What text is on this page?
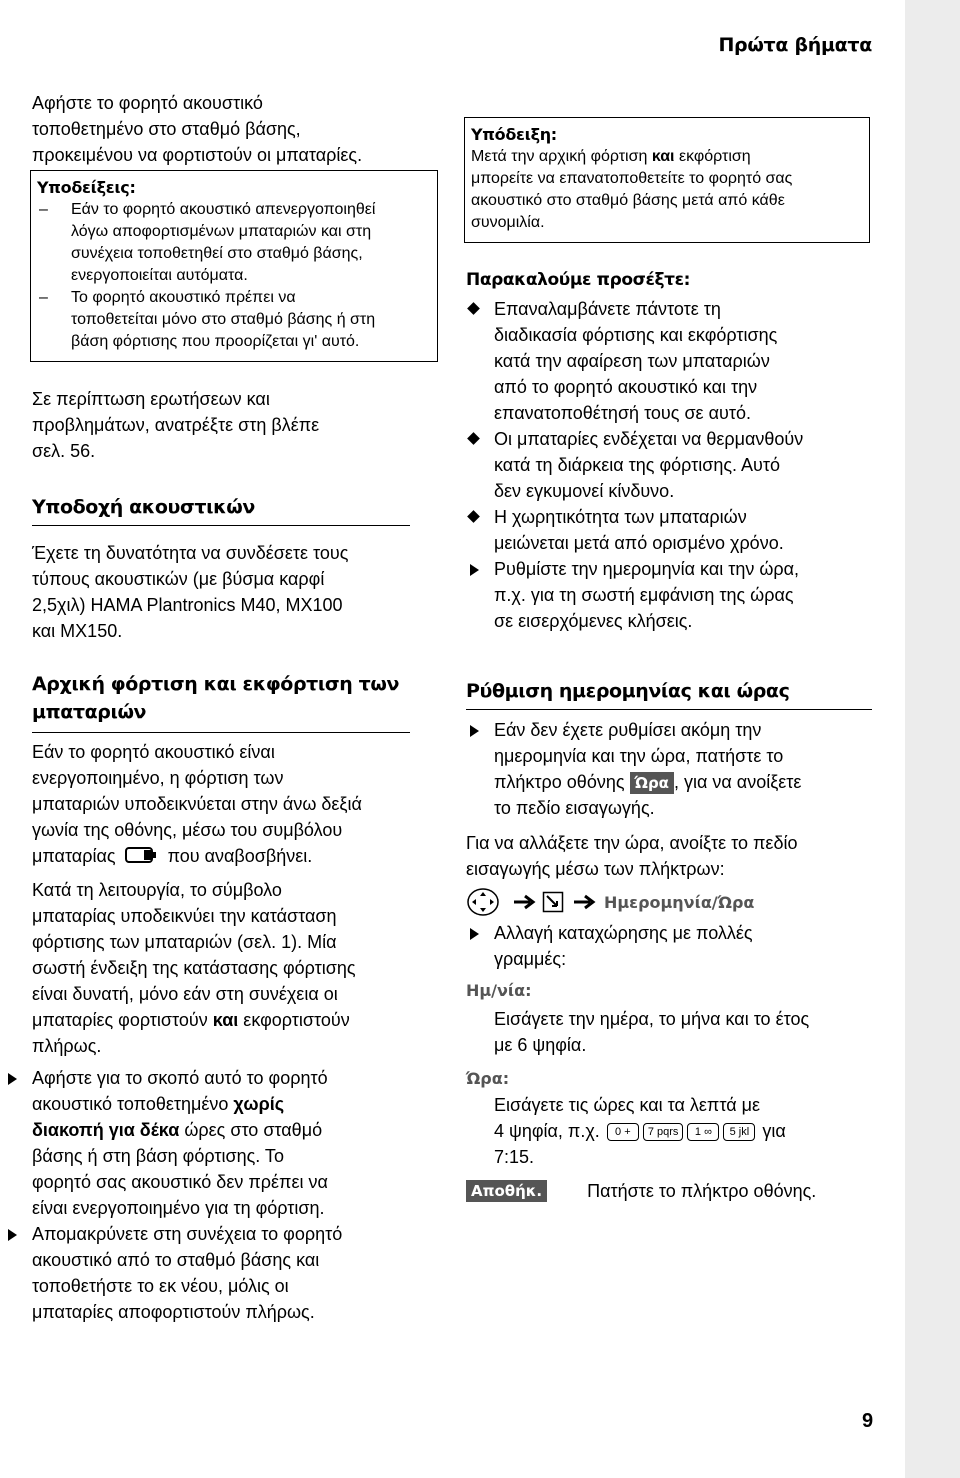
Πρώτα βήματα
Αφήστε το φορητό ακουστικό
τοποθετημένο στο σταθμό βάσης,
προκειμένου να φορτιστούν οι μπαταρίες.
Υποδείξεις:
– Εάν το φορητό ακουστικό απενεργοποιηθεί
λόγω αποφορτισμένων μπαταριών και στη
συνέχεια τοποθετηθεί στο σταθμό βάσης,
ενεργοποιείται αυτόματα.
– Το φορητό ακουστικό πρέπει να
τοποθετείται μόνο στο σταθμό βάσης ή στη
βάση φόρτισης που προορίζεται γι' αυτό.
Σε περίπτωση ερωτήσεων και
προβλημάτων, ανατρέξτε στη βλέπε
σελ. 56.
Υποδοχή ακουστικών
Έχετε τη δυνατότητα να συνδέσετε τους
τύπους ακουστικών (με βύσμα καρφί
2,5χιλ) HAMA Plantronics M40, MX100
και MX150.
Αρχική φόρτιση και εκφόρτιση των
μπαταριών
Εάν το φορητό ακουστικό είναι
ενεργοποιημένο, η φόρτιση των
μπαταριών υποδεικνύεται στην άνω δεξιά
γωνία της οθόνης, μέσω του συμβόλου
μπαταρίας	που αναβοσβήνει.
Κατά τη λειτουργία, το σύμβολο
μπαταρίας υποδεικνύει την κατάσταση
φόρτισης των μπαταριών (σελ. 1). Μία
σωστή ένδειξη της κατάστασης φόρτισης
είναι δυνατή, μόνο εάν στη συνέχεια οι
μπαταρίες φορτιστούν και εκφορτιστούν
πλήρως.
Αφήστε για το σκοπό αυτό το φορητό
ακουστικό τοποθετημένο χωρίς
διακοπή για δέκα ώρες στο σταθμό
βάσης ή στη βάση φόρτισης. Το
φορητό σας ακουστικό δεν πρέπει να
είναι ενεργοποιημένο για τη φόρτιση.
Απομακρύνετε στη συνέχεια το φορητό
ακουστικό από το σταθμό βάσης και
τοποθετήστε το εκ νέου, μόλις οι
μπαταρίες αποφορτιστούν πλήρως.
Υπόδειξη:
Μετά την αρχική φόρτιση και εκφόρτιση
μπορείτε να επανατοποθετείτε το φορητό σας
ακουστικό στο σταθμό βάσης μετά από κάθε
συνομιλία.
Παρακαλούμε προσέξτε:
Επαναλαμβάνετε πάντοτε τη
διαδικασία φόρτισης και εκφόρτισης
κατά την αφαίρεση των μπαταριών
από το φορητό ακουστικό και την
επανατοποθέτησή τους σε αυτό.
Οι μπαταρίες ενδέχεται να θερμανθούν
κατά τη διάρκεια της φόρτισης. Αυτό
δεν εγκυμονεί κίνδυνο.
Η χωρητικότητα των μπαταριών
μειώνεται μετά από ορισμένο χρόνο.
Ρυθμίστε την ημερομηνία και την ώρα,
π.χ. για τη σωστή εμφάνιση της ώρας
σε εισερχόμενες κλήσεις.
Ρύθμιση ημερομηνίας και ώρας
Εάν δεν έχετε ρυθμίσει ακόμη την
ημερομηνία και την ώρα, πατήστε το
πλήκτρο οθόνης Ώρα , για να ανοίξετε
το πεδίο εισαγωγής.
Για να αλλάξετε την ώρα, ανοίξτε το πεδίο
εισαγωγής μέσω των πλήκτρων:
Ημερομηνία/Ώρα
Αλλαγή καταχώρησης με πολλές
γραμμές:
Ημ/νία:
Εισάγετε την ημέρα, το μήνα και το έτος
με 6 ψηφία.
Ώρα:
Εισάγετε τις ώρες και τα λεπτά με
4 ψηφία, π.χ. 0 + 7 pqrs 1 ∞ 5 jkl για
7:15.
Αποθήκ.	Πατήστε το πλήκτρο οθόνης.
9
